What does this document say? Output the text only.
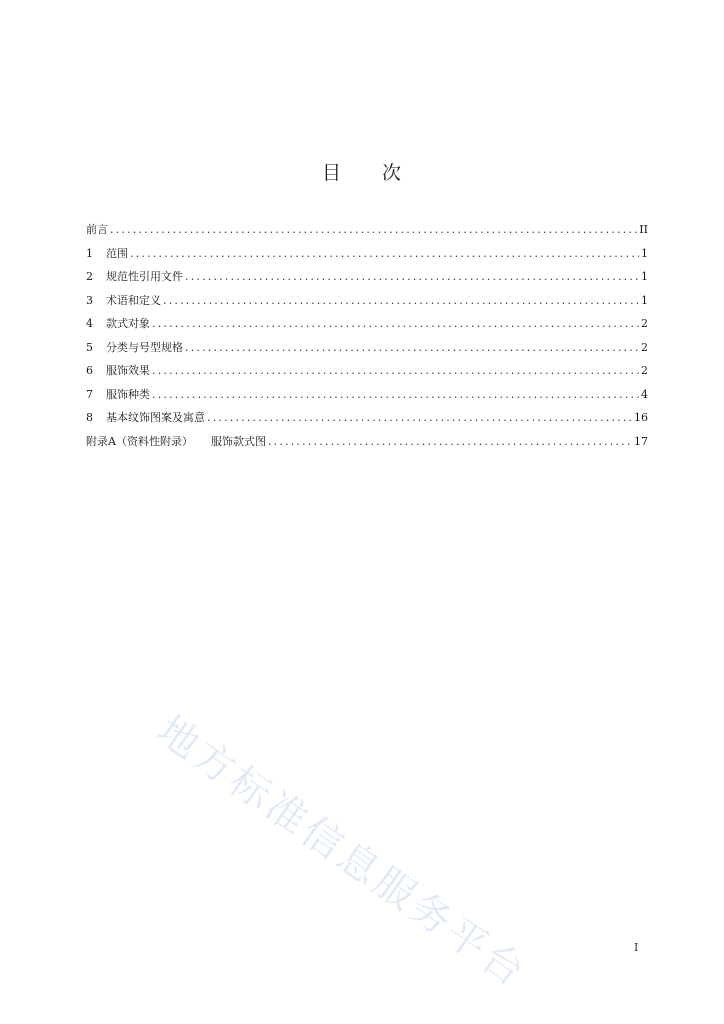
目 次
前言 .....	II
1	范围 .....	1
2	规范性引用文件 .....	1
3	术语和定义 .....	1
4	款式对象 .....	2
5	分类与号型规格 .....	2
6	服饰效果 .....	2
7	服饰种类 .....	4
8	基本纹饰图案及寓意 .....	16
附录A（资料性附录） 服饰款式图 .....	17
地方标准信息服务平台	I
